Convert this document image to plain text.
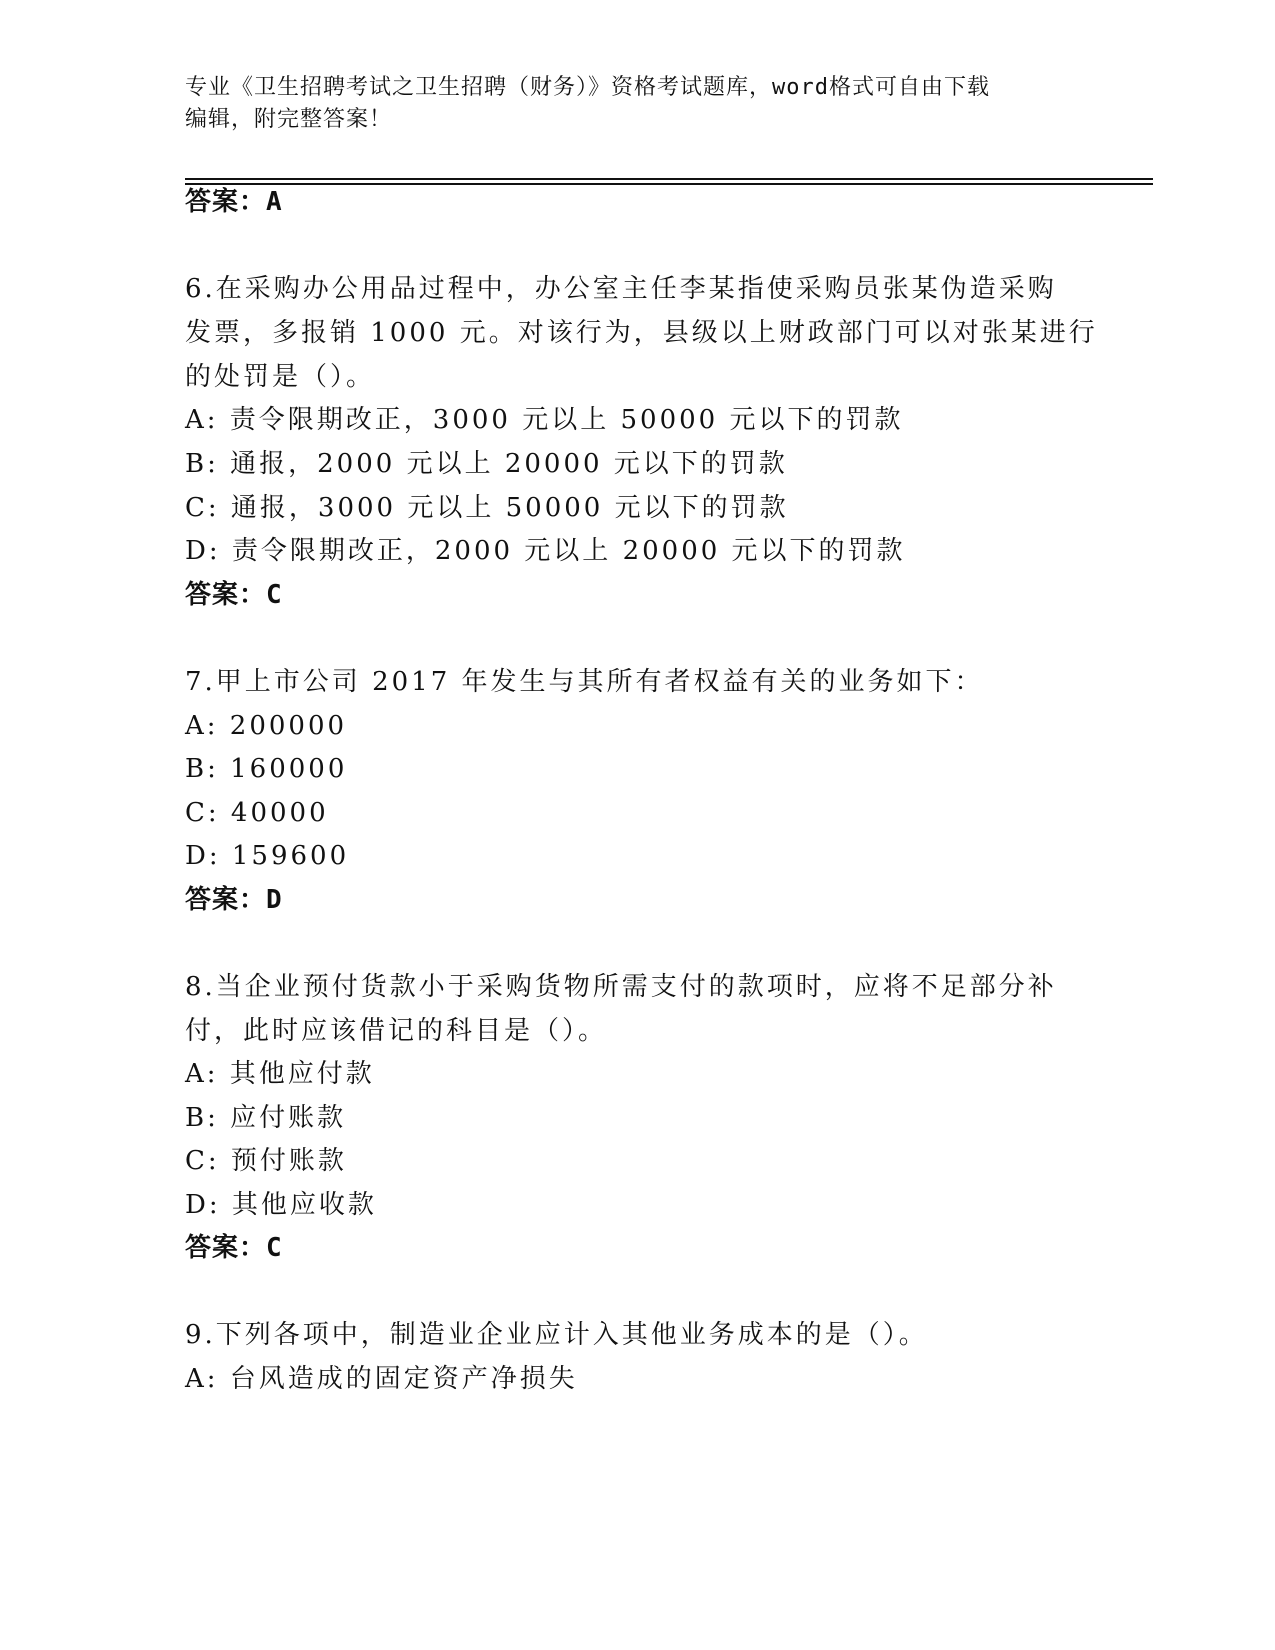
专业《卫生招聘考试之卫生招聘（财务）》资格考试题库，word格式可自由下载
编辑，附完整答案！
答案：A
6.在采购办公用品过程中，办公室主任李某指使采购员张某伪造采购
发票，多报销 1000 元。对该行为，县级以上财政部门可以对张某进行
的处罚是（）。
A: 责令限期改正，3000 元以上 50000 元以下的罚款
B: 通报，2000 元以上 20000 元以下的罚款
C: 通报，3000 元以上 50000 元以下的罚款
D: 责令限期改正，2000 元以上 20000 元以下的罚款
答案：C
7.甲上市公司 2017 年发生与其所有者权益有关的业务如下：
A: 200000
B: 160000
C: 40000
D: 159600
答案：D
8.当企业预付货款小于采购货物所需支付的款项时，应将不足部分补
付，此时应该借记的科目是（）。
A: 其他应付款
B: 应付账款
C: 预付账款
D: 其他应收款
答案：C
9.下列各项中，制造业企业应计入其他业务成本的是（）。
A: 台风造成的固定资产净损失
